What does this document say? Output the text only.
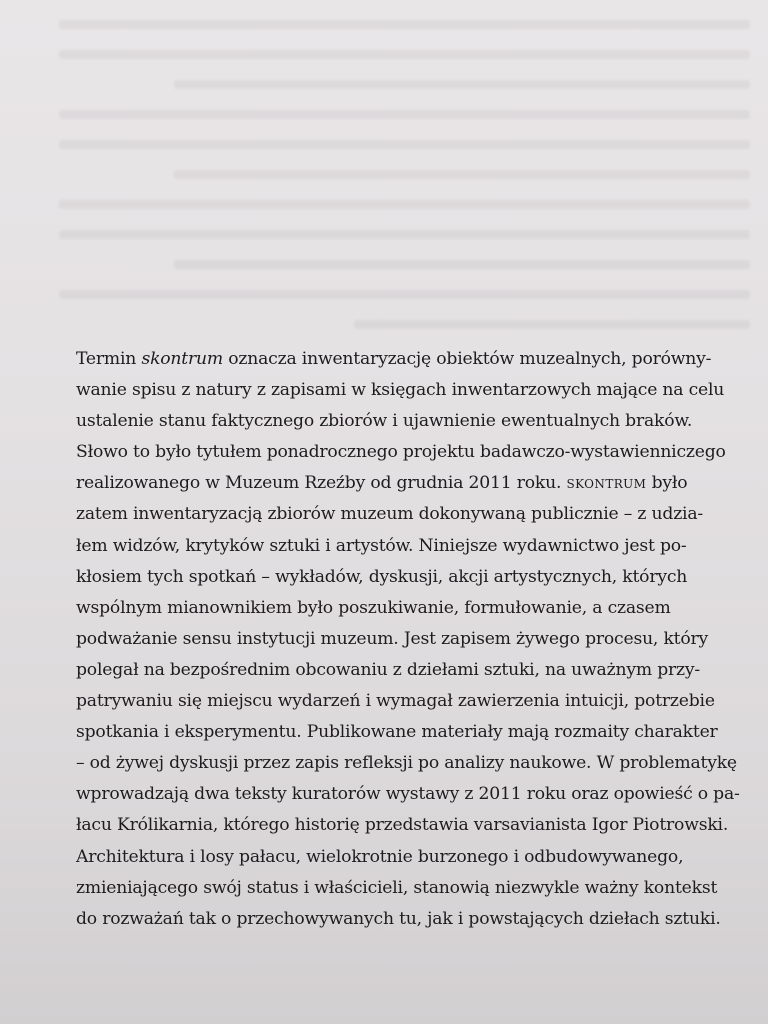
Termin skontrum oznacza inwentaryzację obiektów muzealnych, porówny-
wanie spisu z natury z zapisami w księgach inwentarzowych mające na celu
ustalenie stanu faktycznego zbiorów i ujawnienie ewentualnych braków.
Słowo to było tytułem ponadrocznego projektu badawczo-wystawienniczego
realizowanego w Muzeum Rzeźby od grudnia 2011 roku. skontrum było
zatem inwentaryzacją zbiorów muzeum dokonywaną publicznie – z udzia-
łem widzów, krytyków sztuki i artystów. Niniejsze wydawnictwo jest po-
kłosiem tych spotkań – wykładów, dyskusji, akcji artystycznych, których
wspólnym mianownikiem było poszukiwanie, formułowanie, a czasem
podważanie sensu instytucji muzeum. Jest zapisem żywego procesu, który
polegał na bezpośrednim obcowaniu z dziełami sztuki, na uważnym przy-
patrywaniu się miejscu wydarzeń i wymagał zawierzenia intuicji, potrzebie
spotkania i eksperymentu. Publikowane materiały mają rozmaity charakter
– od żywej dyskusji przez zapis refleksji po analizy naukowe. W problematykę
wprowadzają dwa teksty kuratorów wystawy z 2011 roku oraz opowieść o pa-
łacu Królikarnia, którego historię przedstawia varsavianista Igor Piotrowski.
Architektura i losy pałacu, wielokrotnie burzonego i odbudowywanego,
zmieniającego swój status i właścicieli, stanowią niezwykle ważny kontekst
do rozważań tak o przechowywanych tu, jak i powstających dziełach sztuki.
